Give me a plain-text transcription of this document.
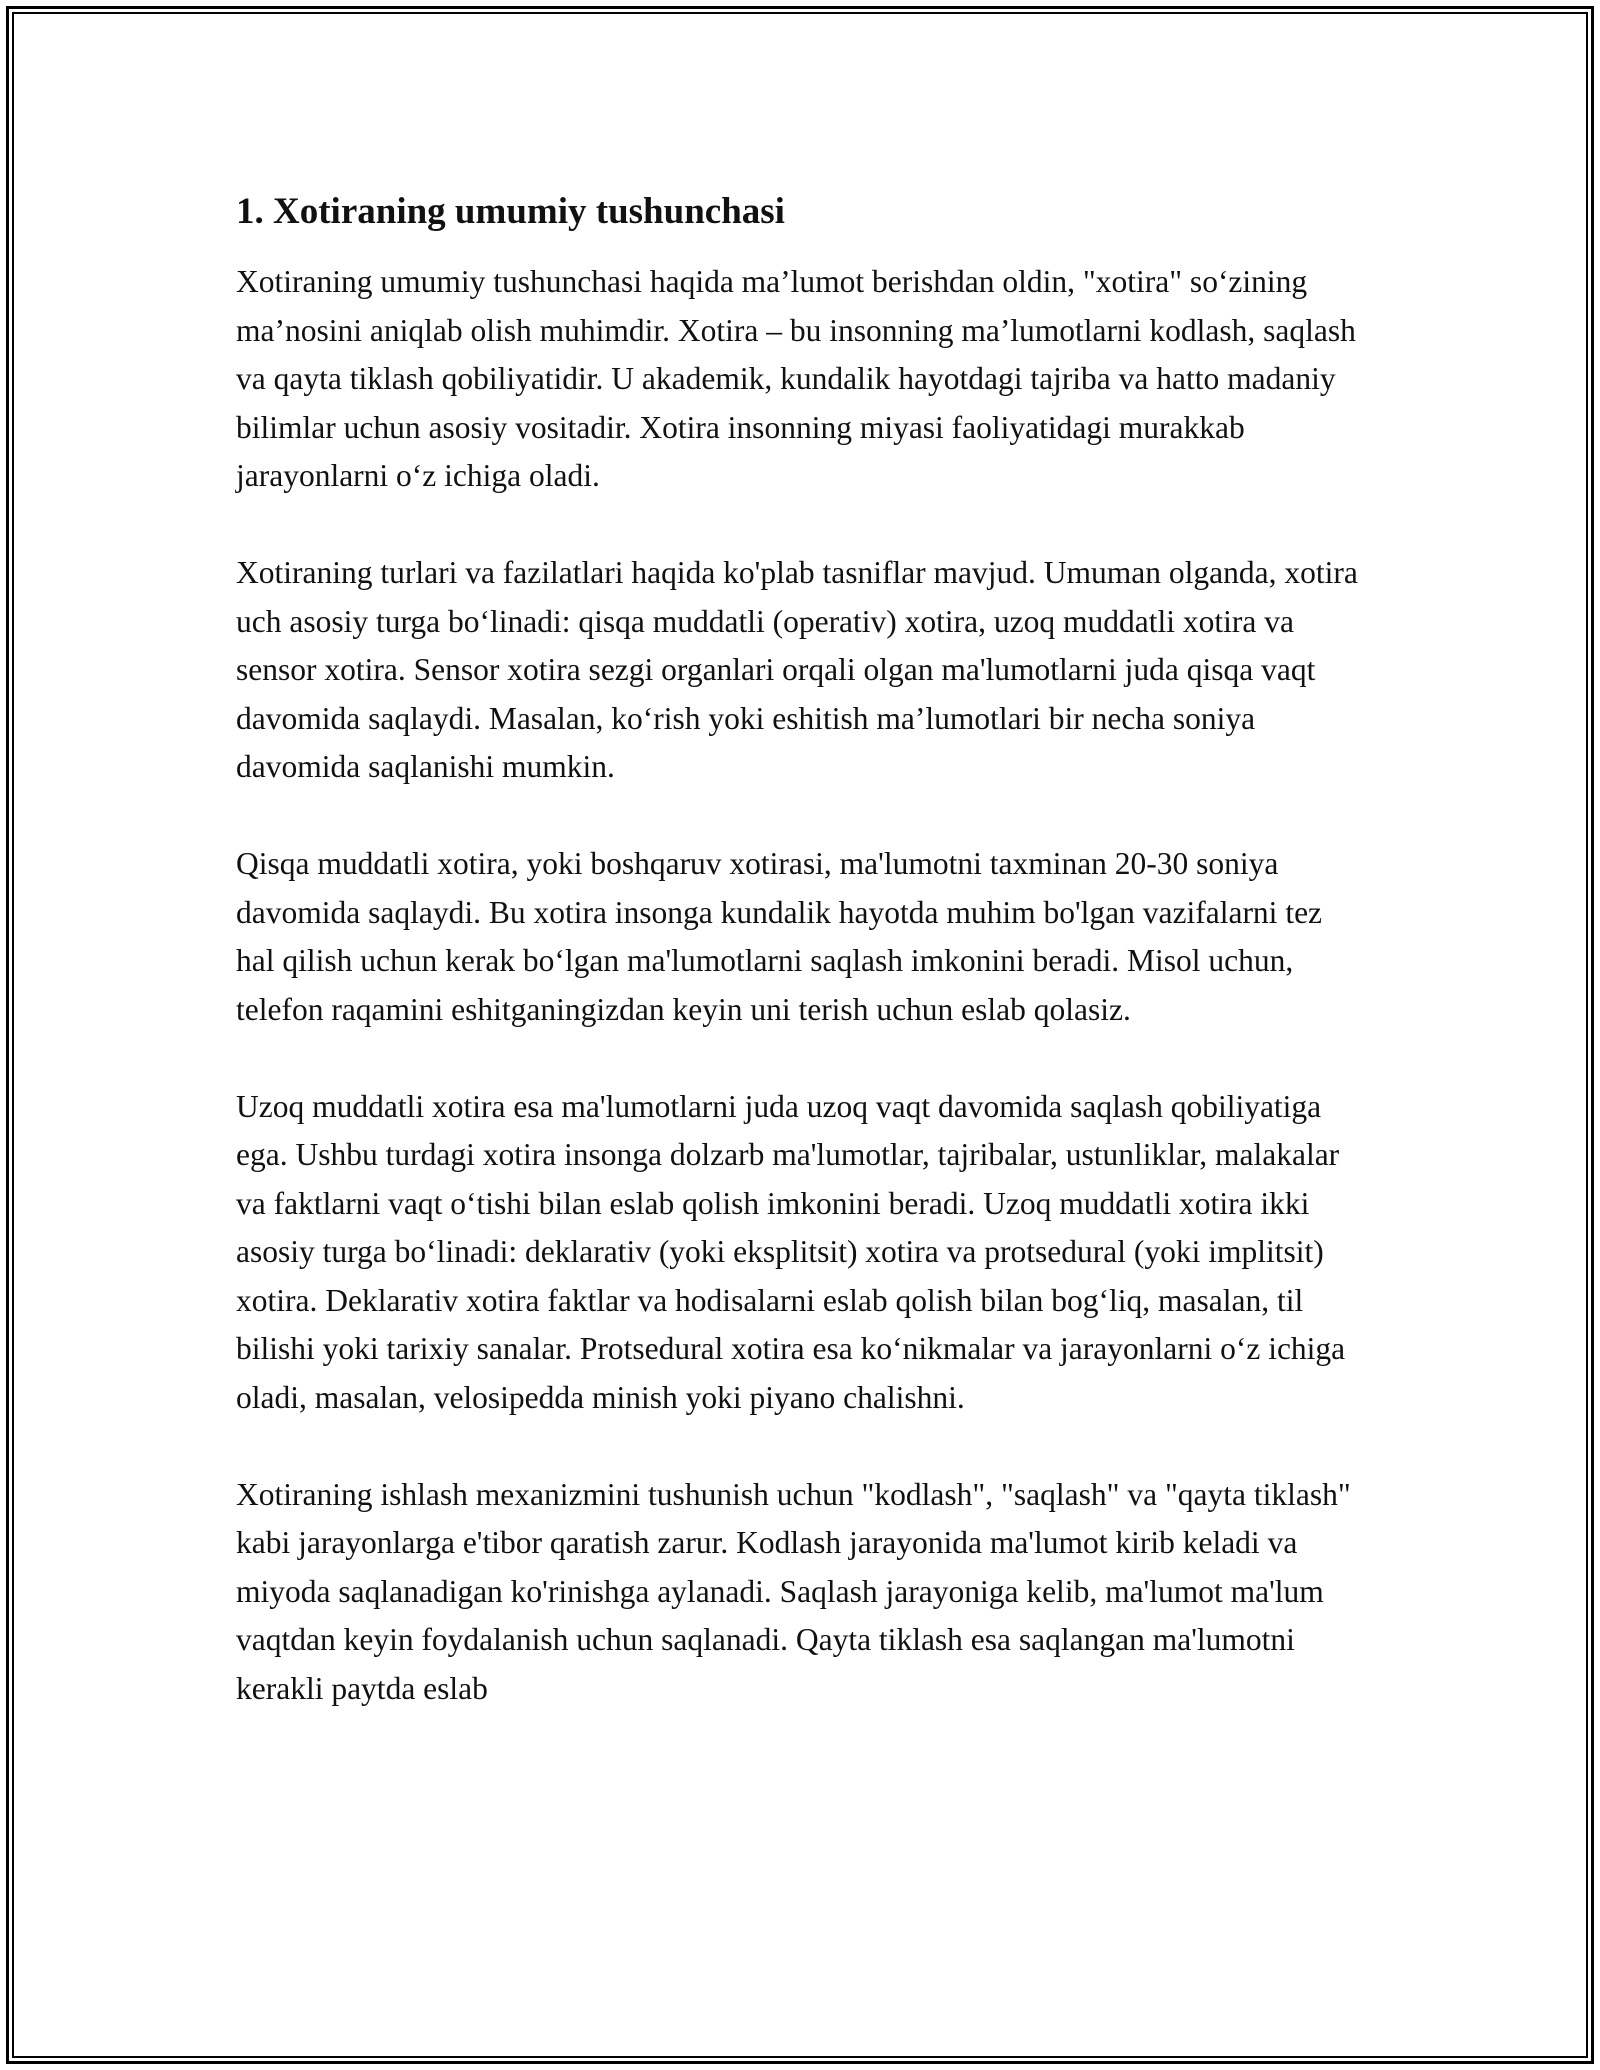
1. Xotiraning umumiy tushunchasi

Xotiraning umumiy tushunchasi haqida ma’lumot berishdan oldin, "xotira" so‘zining ma’nosini aniqlab olish muhimdir. Xotira – bu insonning ma’lumotlarni kodlash, saqlash va qayta tiklash qobiliyatidir. U akademik, kundalik hayotdagi tajriba va hatto madaniy bilimlar uchun asosiy vositadir. Xotira insonning miyasi faoliyatidagi murakkab jarayonlarni o‘z ichiga oladi.

Xotiraning turlari va fazilatlari haqida ko'plab tasniflar mavjud. Umuman olganda, xotira uch asosiy turga bo‘linadi: qisqa muddatli (operativ) xotira, uzoq muddatli xotira va sensor xotira. Sensor xotira sezgi organlari orqali olgan ma'lumotlarni juda qisqa vaqt davomida saqlaydi. Masalan, ko‘rish yoki eshitish ma’lumotlari bir necha soniya davomida saqlanishi mumkin.

Qisqa muddatli xotira, yoki boshqaruv xotirasi, ma'lumotni taxminan 20-30 soniya davomida saqlaydi. Bu xotira insonga kundalik hayotda muhim bo'lgan vazifalarni tez hal qilish uchun kerak bo‘lgan ma'lumotlarni saqlash imkonini beradi. Misol uchun, telefon raqamini eshitganingizdan keyin uni terish uchun eslab qolasiz.

Uzoq muddatli xotira esa ma'lumotlarni juda uzoq vaqt davomida saqlash qobiliyatiga ega. Ushbu turdagi xotira insonga dolzarb ma'lumotlar, tajribalar, ustunliklar, malakalar va faktlarni vaqt o‘tishi bilan eslab qolish imkonini beradi. Uzoq muddatli xotira ikki asosiy turga bo‘linadi: deklarativ (yoki eksplitsit) xotira va protsedural (yoki implitsit) xotira. Deklarativ xotira faktlar va hodisalarni eslab qolish bilan bog‘liq, masalan, til bilishi yoki tarixiy sanalar. Protsedural xotira esa ko‘nikmalar va jarayonlarni o‘z ichiga oladi, masalan, velosipedda minish yoki piyano chalishni.

Xotiraning ishlash mexanizmini tushunish uchun "kodlash", "saqlash" va "qayta tiklash" kabi jarayonlarga e'tibor qaratish zarur. Kodlash jarayonida ma'lumot kirib keladi va miyoda saqlanadigan ko'rinishga aylanadi. Saqlash jarayoniga kelib, ma'lumot ma'lum vaqtdan keyin foydalanish uchun saqlanadi. Qayta tiklash esa saqlangan ma'lumotni kerakli paytda eslab
